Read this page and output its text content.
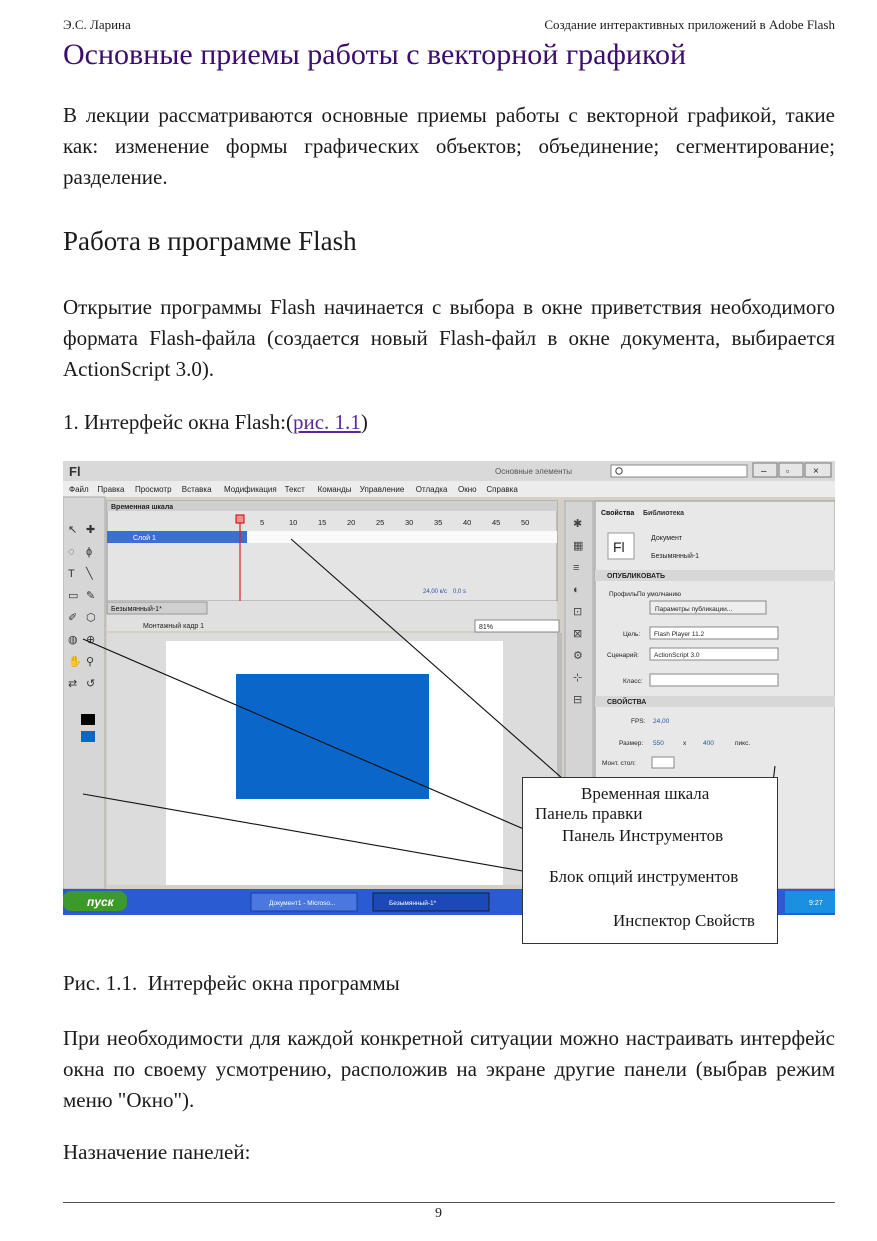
Э.С. Ларина	Создание интерактивных приложений в Adobe Flash
Основные приемы работы с векторной графикой
В лекции рассматриваются основные приемы работы с векторной графикой, такие как: изменение формы графических объектов; объединение; сегментирование; разделение.
Работа в программе Flash
Открытие программы Flash начинается с выбора в окне приветствия необходимого формата Flash-файла (создается новый Flash-файл в окне документа, выбирается ActionScript 3.0).
1. Интерфейс окна Flash:(рис. 1.1)
Fl	Основные элементы	– ▫ ×
Файл Правка Просмотр Вставка Модификация Текст Команды Управление Отладка Окно Справка
↖ ✚
◌ ɸ
T ╲
▭ ✎
✐ ⬡
◍ ⊕
✋ ⚲
⇄ ↺
Временная шкала
Слой 1
5	10	15	20	25	30	35	40	45	50
24,00 к/с 0,0 s
Безымянный-1*
Монтажный кадр 1	81%
✱
▦
≡
◐
⊡
⊠
⚙
⊹
⊟
Свойства Библиотека
Fl
Документ
Безымянный-1
ОПУБЛИКОВАТЬ
Профиль:
По умолчанию
Параметры публикации...
Цель: Flash Player 11.2
Сценарий: ActionScript 3.0
Класс:
СВОЙСТВА
FPS: 24,00
Размер: 550	x	400	пикс.
Монт. стол:
пуск	Документ1 - Microso...	Безымянный-1*	9:27
Временная шкала
Панель правки
Панель Инструментов
Блок опций инструментов
Инспектор Свойств
Рис. 1.1.  Интерфейс окна программы
При необходимости для каждой конкретной ситуации можно настраивать интерфейс окна по своему усмотрению, расположив на экране другие панели (выбрав режим меню "Окно").
Назначение панелей:
9
